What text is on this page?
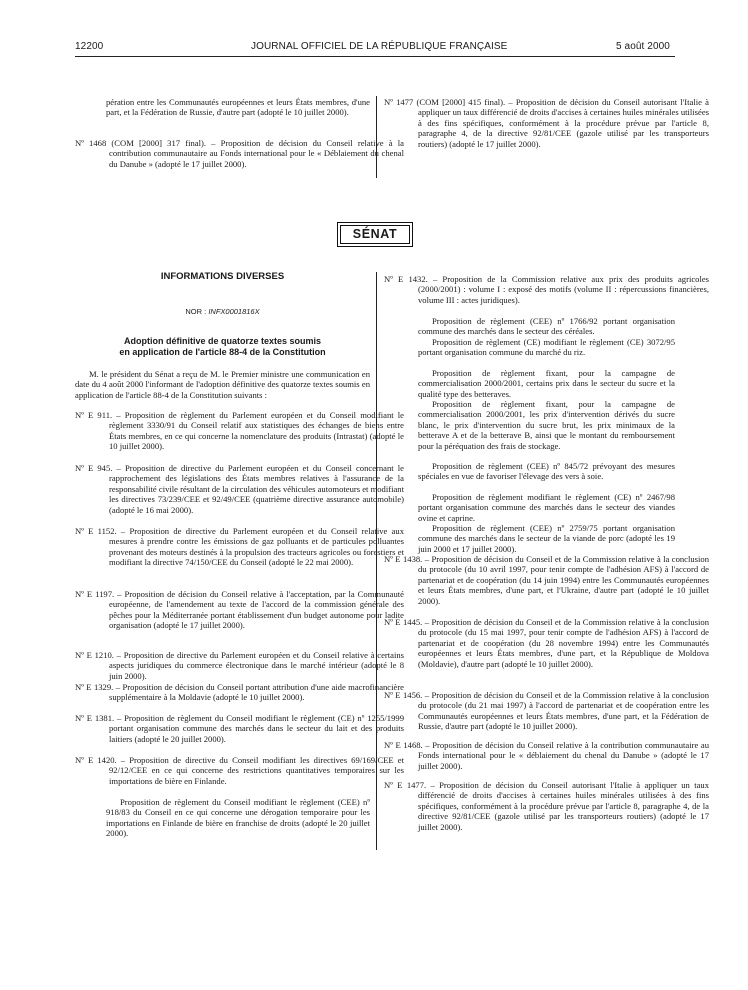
12200	JOURNAL OFFICIEL DE LA RÉPUBLIQUE FRANÇAISE	5 août 2000

pération entre les Communautés européennes et leurs États membres, d'une part, et la Fédération de Russie, d'autre part (adopté le 10 juillet 2000).

Nº 1468 (COM [2000] 317 final). – Proposition de décision du Conseil relative à la contribution communautaire au Fonds international pour le « Déblaiement du chenal du Danube » (adopté le 17 juillet 2000).

Nº 1477 (COM [2000] 415 final). – Proposition de décision du Conseil autorisant l'Italie à appliquer un taux différencié de droits d'accises à certaines huiles minérales utilisées à des fins spécifiques, conformément à la procédure prévue par l'article 8, paragraphe 4, de la directive 92/81/CEE (gazole utilisé par les transporteurs routiers) (adopté le 17 juillet 2000).

SÉNAT
INFORMATIONS DIVERSES
NOR : INFX0001816X
Adoption définitive de quatorze textes soumis
en application de l'article 88-4 de la Constitution

M. le président du Sénat a reçu de M. le Premier ministre une communication en date du 4 août 2000 l'informant de l'adoption définitive des quatorze textes soumis en application de l'article 88-4 de la Constitution suivants :

Nº E 911. – Proposition de règlement du Parlement européen et du Conseil modifiant le règlement 3330/91 du Conseil relatif aux statistiques des échanges de biens entre États membres, en ce qui concerne la nomenclature des produits (Intrastat) (adopté le 10 juillet 2000).

Nº E 945. – Proposition de directive du Parlement européen et du Conseil concernant le rapprochement des législations des États membres relatives à l'assurance de la responsabilité civile résultant de la circulation des véhicules automoteurs et modifiant les directives 73/239/CEE et 92/49/CEE (quatrième directive assurance automobile) (adopté le 16 mai 2000).

Nº E 1152. – Proposition de directive du Parlement européen et du Conseil relative aux mesures à prendre contre les émissions de gaz polluants et de particules polluantes provenant des moteurs destinés à la propulsion des tracteurs agricoles ou forestiers et modifiant la directive 74/150/CEE du Conseil (adopté le 22 mai 2000).

Nº E 1197. – Proposition de décision du Conseil relative à l'acceptation, par la Communauté européenne, de l'amendement au texte de l'accord de la commission générale des pêches pour la Méditerranée portant établissement d'un budget autonome pour ladite organisation (adopté le 17 juillet 2000).

Nº E 1210. – Proposition de directive du Parlement européen et du Conseil relative à certains aspects juridiques du commerce électronique dans le marché intérieur (adopté le 8 juin 2000).

Nº E 1329. – Proposition de décision du Conseil portant attribution d'une aide macrofinancière supplémentaire à la Moldavie (adopté le 10 juillet 2000).

Nº E 1381. – Proposition de règlement du Conseil modifiant le règlement (CE) nº 1255/1999 portant organisation commune des marchés dans le secteur du lait et des produits laitiers (adopté le 20 juillet 2000).

Nº E 1420. – Proposition de directive du Conseil modifiant les directives 69/169/CEE et 92/12/CEE en ce qui concerne des restrictions quantitatives temporaires sur les importations de bière en Finlande.

Proposition de règlement du Conseil modifiant le règlement (CEE) nº 918/83 du Conseil en ce qui concerne une dérogation temporaire pour les importations en Finlande de bière en franchise de droits (adopté le 20 juillet 2000).

Nº E 1432. – Proposition de la Commission relative aux prix des produits agricoles (2000/2001) : volume I : exposé des motifs (volume II : répercussions financières, volume III : actes juridiques).

Proposition de règlement (CEE) nº 1766/92 portant organisation commune des marchés dans le secteur des céréales.

Proposition de règlement (CE) modifiant le règlement (CE) 3072/95 portant organisation commune du marché du riz.

Proposition de règlement fixant, pour la campagne de commercialisation 2000/2001, certains prix dans le secteur du sucre et la qualité type des betteraves.

Proposition de règlement fixant, pour la campagne de commercialisation 2000/2001, les prix d'intervention dérivés du sucre blanc, le prix d'intervention du sucre brut, les prix minimaux de la betterave A et de la betterave B, ainsi que le montant du remboursement pour la péréquation des frais de stockage.

Proposition de règlement (CEE) nº 845/72 prévoyant des mesures spéciales en vue de favoriser l'élevage des vers à soie.

Proposition de règlement modifiant le règlement (CE) nº 2467/98 portant organisation commune des marchés dans le secteur des viandes ovine et caprine.

Proposition de règlement (CEE) nº 2759/75 portant organisation commune des marchés dans le secteur de la viande de porc (adopté les 19 juin 2000 et 17 juillet 2000).

Nº E 1438. – Proposition de décision du Conseil et de la Commission relative à la conclusion du protocole (du 10 avril 1997, pour tenir compte de l'adhésion AFS) à l'accord de partenariat et de coopération (du 14 juin 1994) entre les Communautés européennes et leurs États membres, d'une part, et l'Ukraine, d'autre part (adopté le 10 juillet 2000).

Nº E 1445. – Proposition de décision du Conseil et de la Commission relative à la conclusion du protocole (du 15 mai 1997, pour tenir compte de l'adhésion AFS) à l'accord de partenariat et de coopération (du 28 novembre 1994) entre les Communautés européennes et leurs États membres, d'une part, et la République de Moldova (Moldavie), d'autre part (adopté le 10 juillet 2000).

Nº E 1456. – Proposition de décision du Conseil et de la Commission relative à la conclusion du protocole (du 21 mai 1997) à l'accord de partenariat et de coopération entre les Communautés européennes et leurs États membres, d'une part, et la Fédération de Russie, d'autre part (adopté le 10 juillet 2000).

Nº E 1468. – Proposition de décision du Conseil relative à la contribution communautaire au Fonds international pour le « déblaiement du chenal du Danube » (adopté le 17 juillet 2000).

Nº E 1477. – Proposition de décision du Conseil autorisant l'Italie à appliquer un taux différencié de droits d'accises à certaines huiles minérales utilisées à des fins spécifiques, conformément à la procédure prévue par l'article 8, paragraphe 4, de la directive 92/81/CEE (gazole utilisé par les transporteurs routiers) (adopté le 17 juillet 2000).
